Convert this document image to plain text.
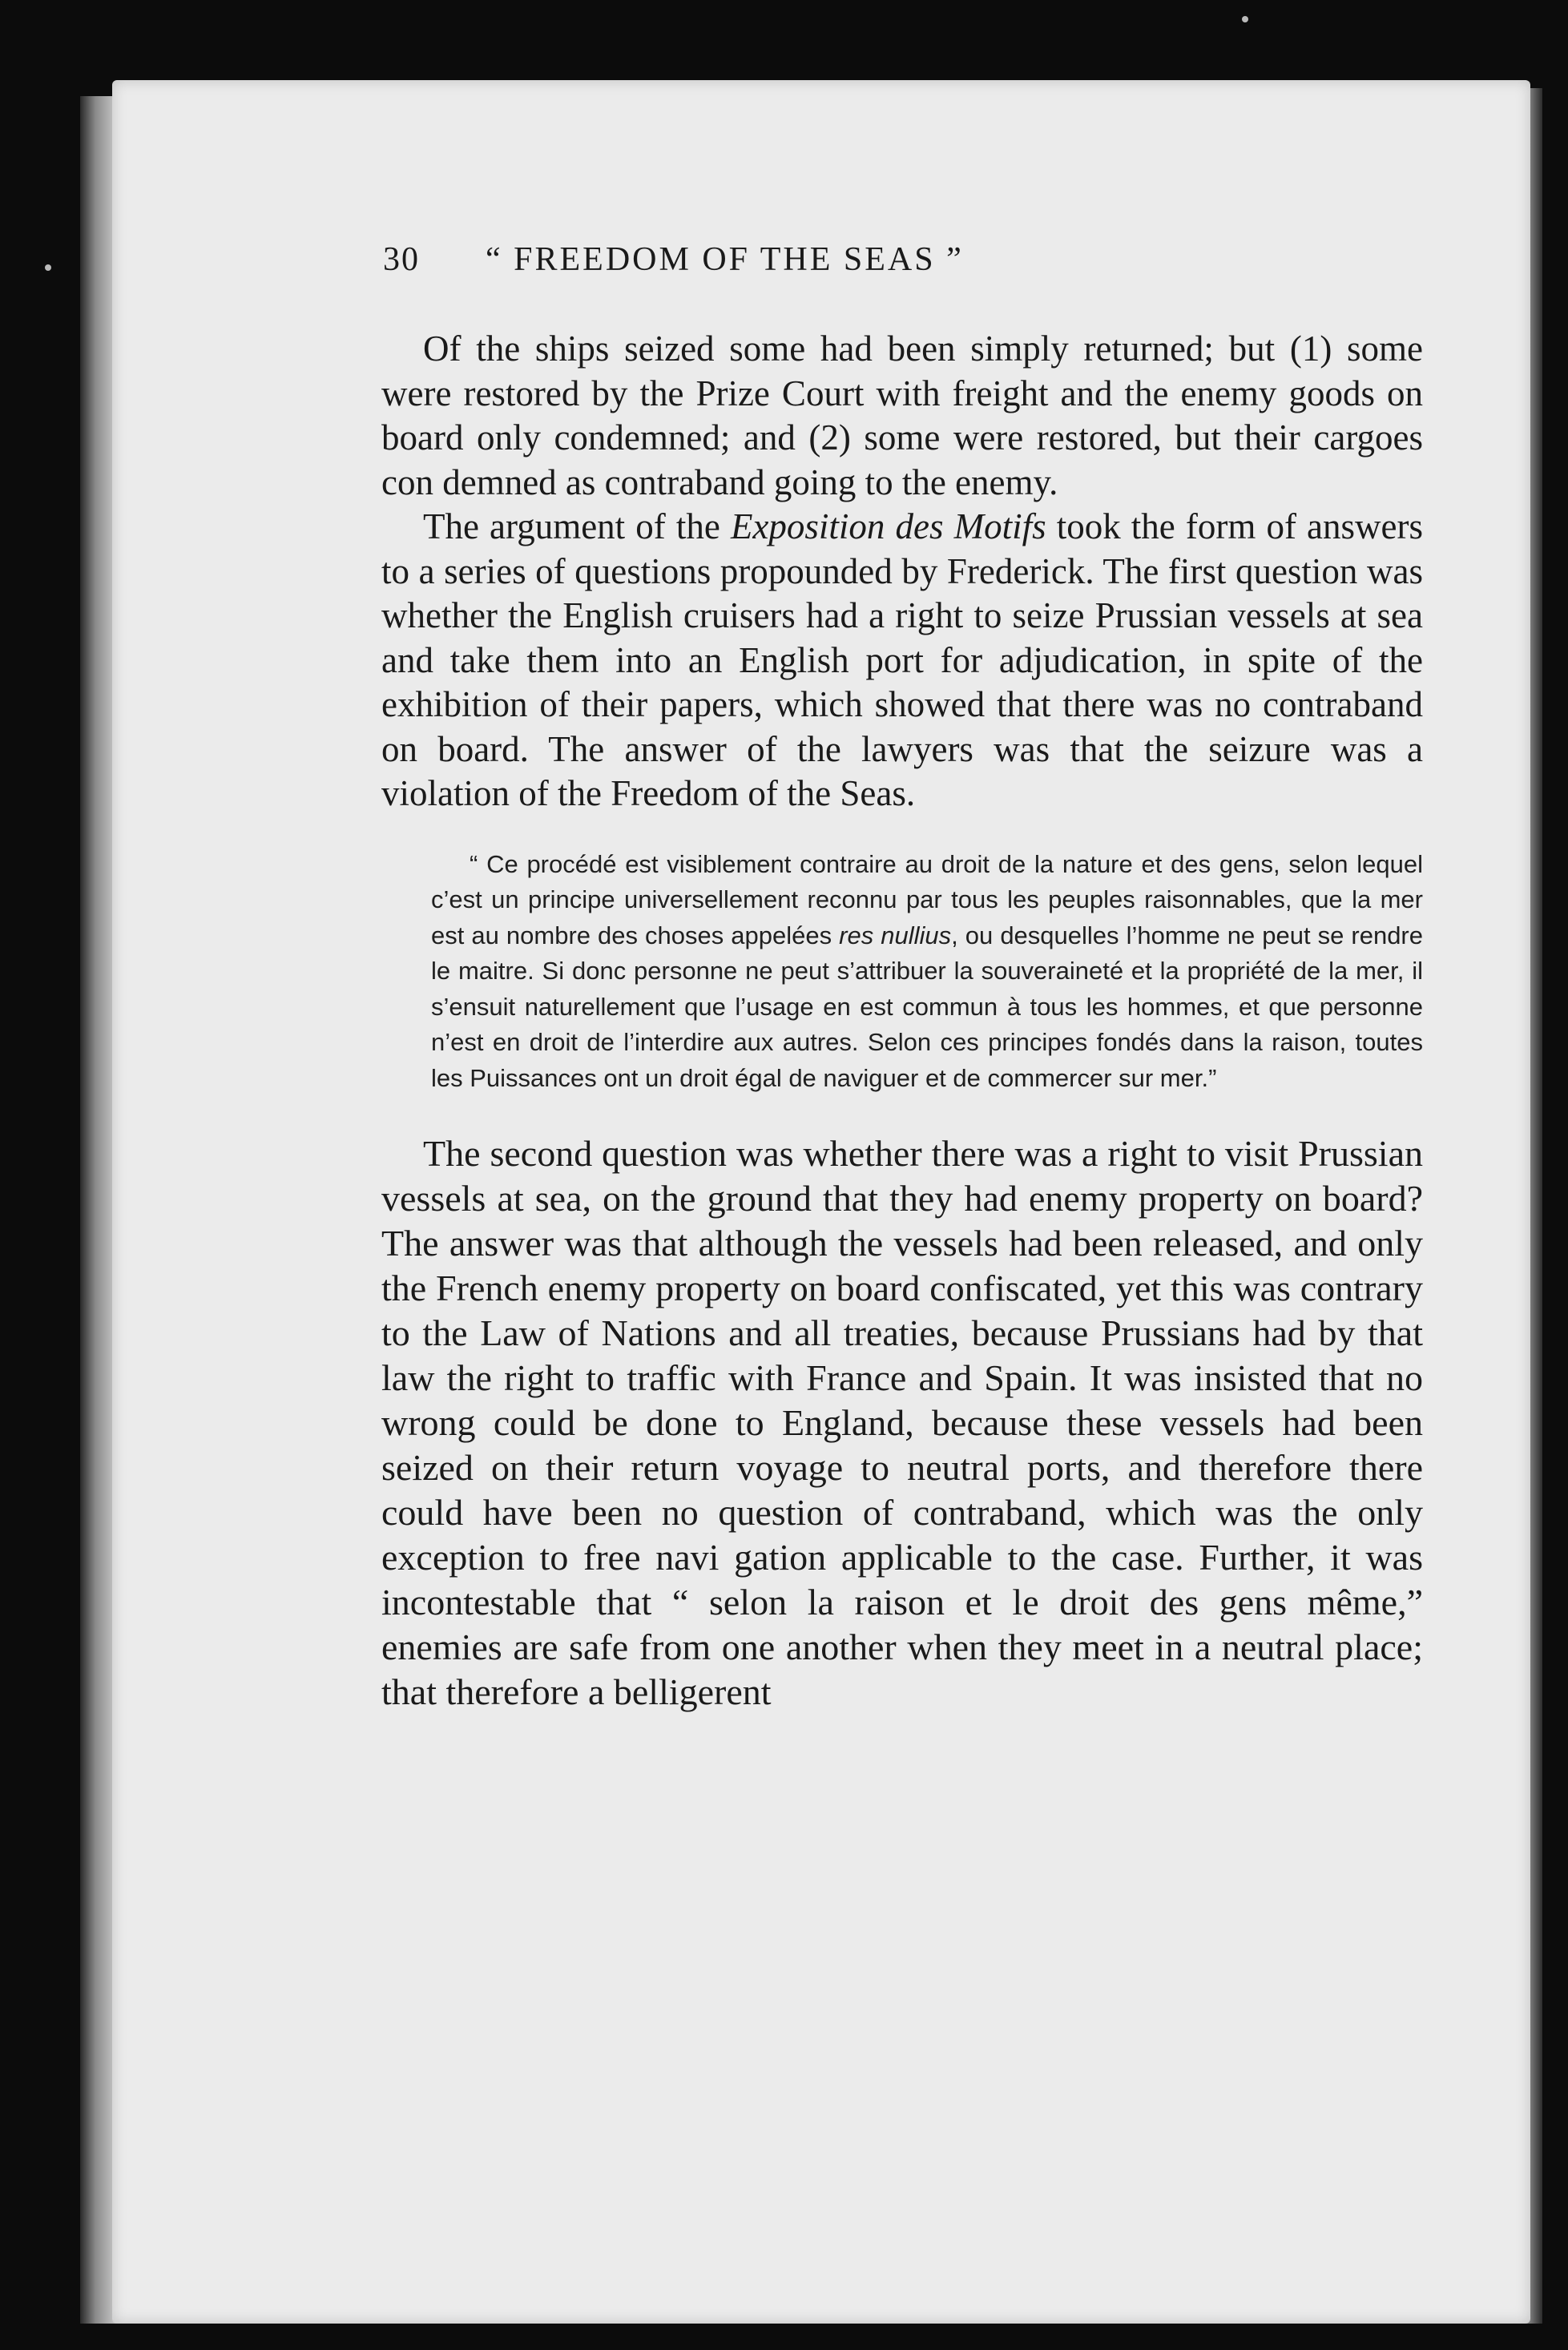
30 “ FREEDOM OF THE SEAS ”

Of the ships seized some had been simply returned; but (1) some were restored by the Prize Court with freight and the enemy goods on board only condemned; and (2) some were restored, but their cargoes con demned as contraband going to the enemy.

The argument of the Exposition des Motifs took the form of answers to a series of questions propounded by Frederick. The first question was whether the English cruisers had a right to seize Prussian vessels at sea and take them into an English port for adjudication, in spite of the exhibition of their papers, which showed that there was no contraband on board. The answer of the lawyers was that the seizure was a violation of the Freedom of the Seas.

“ Ce procédé est visiblement contraire au droit de la nature et des gens, selon lequel c’est un principe universellement reconnu par tous les peuples raisonnables, que la mer est au nombre des choses appelées res nullius, ou desquelles l’homme ne peut se rendre le maitre. Si donc personne ne peut s’attribuer la souveraineté et la propriété de la mer, il s’ensuit naturellement que l’usage en est commun à tous les hommes, et que personne n’est en droit de l’interdire aux autres. Selon ces principes fondés dans la raison, toutes les Puissances ont un droit égal de naviguer et de commercer sur mer.”

The second question was whether there was a right to visit Prussian vessels at sea, on the ground that they had enemy property on board? The answer was that although the vessels had been released, and only the French enemy property on board confiscated, yet this was contrary to the Law of Nations and all treaties, because Prussians had by that law the right to traffic with France and Spain. It was insisted that no wrong could be done to England, because these vessels had been seized on their return voyage to neutral ports, and therefore there could have been no question of contraband, which was the only exception to free navi gation applicable to the case. Further, it was incontestable that “ selon la raison et le droit des gens même,” enemies are safe from one another when they meet in a neutral place; that therefore a belligerent
